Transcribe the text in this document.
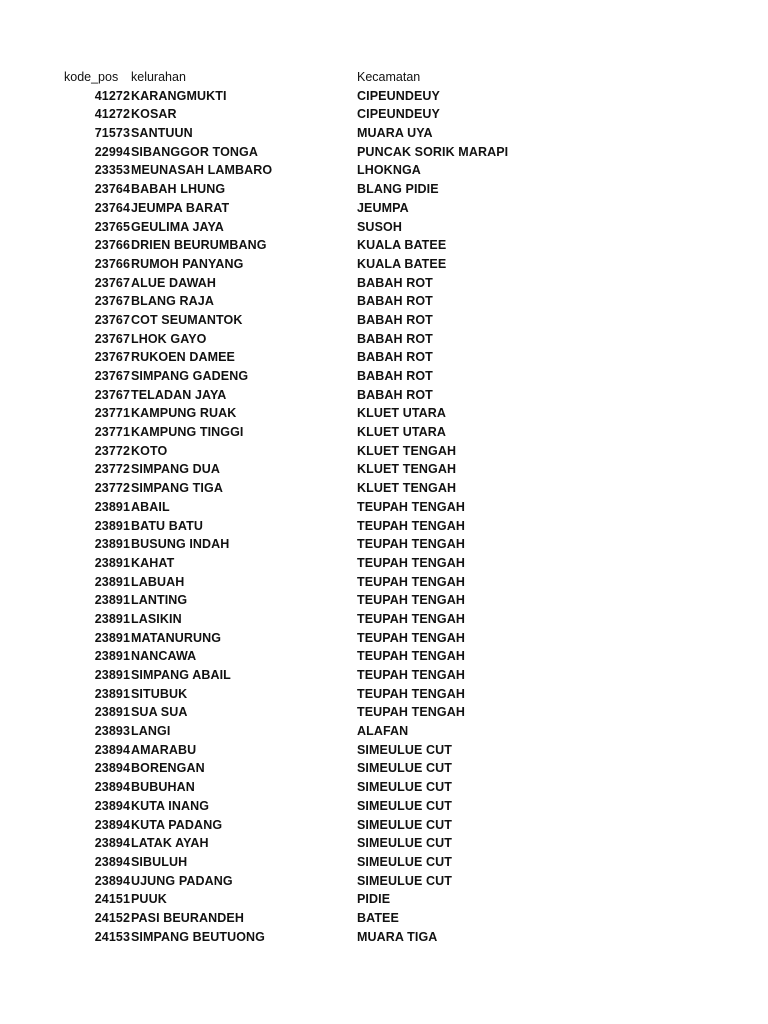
kode_pos	kelurahan	Kecamatan
41272 KARANGMUKTI	CIPEUNDEUY
41272 KOSAR	CIPEUNDEUY
71573 SANTUUN	MUARA UYA
22994 SIBANGGOR TONGA	PUNCAK SORIK MARAPI
23353 MEUNASAH LAMBARO	LHOKNGA
23764 BABAH LHUNG	BLANG PIDIE
23764 JEUMPA BARAT	JEUMPA
23765 GEULIMA JAYA	SUSOH
23766 DRIEN BEURUMBANG	KUALA BATEE
23766 RUMOH PANYANG	KUALA BATEE
23767 ALUE DAWAH	BABAH ROT
23767 BLANG RAJA	BABAH ROT
23767 COT SEUMANTOK	BABAH ROT
23767 LHOK GAYO	BABAH ROT
23767 RUKOEN DAMEE	BABAH ROT
23767 SIMPANG GADENG	BABAH ROT
23767 TELADAN JAYA	BABAH ROT
23771 KAMPUNG RUAK	KLUET UTARA
23771 KAMPUNG TINGGI	KLUET UTARA
23772 KOTO	KLUET TENGAH
23772 SIMPANG DUA	KLUET TENGAH
23772 SIMPANG TIGA	KLUET TENGAH
23891 ABAIL	TEUPAH TENGAH
23891 BATU BATU	TEUPAH TENGAH
23891 BUSUNG INDAH	TEUPAH TENGAH
23891 KAHAT	TEUPAH TENGAH
23891 LABUAH	TEUPAH TENGAH
23891 LANTING	TEUPAH TENGAH
23891 LASIKIN	TEUPAH TENGAH
23891 MATANURUNG	TEUPAH TENGAH
23891 NANCAWA	TEUPAH TENGAH
23891 SIMPANG ABAIL	TEUPAH TENGAH
23891 SITUBUK	TEUPAH TENGAH
23891 SUA SUA	TEUPAH TENGAH
23893 LANGI	ALAFAN
23894 AMARABU	SIMEULUE CUT
23894 BORENGAN	SIMEULUE CUT
23894 BUBUHAN	SIMEULUE CUT
23894 KUTA INANG	SIMEULUE CUT
23894 KUTA PADANG	SIMEULUE CUT
23894 LATAK AYAH	SIMEULUE CUT
23894 SIBULUH	SIMEULUE CUT
23894 UJUNG PADANG	SIMEULUE CUT
24151 PUUK	PIDIE
24152 PASI BEURANDEH	BATEE
24153 SIMPANG BEUTUONG	MUARA TIGA
